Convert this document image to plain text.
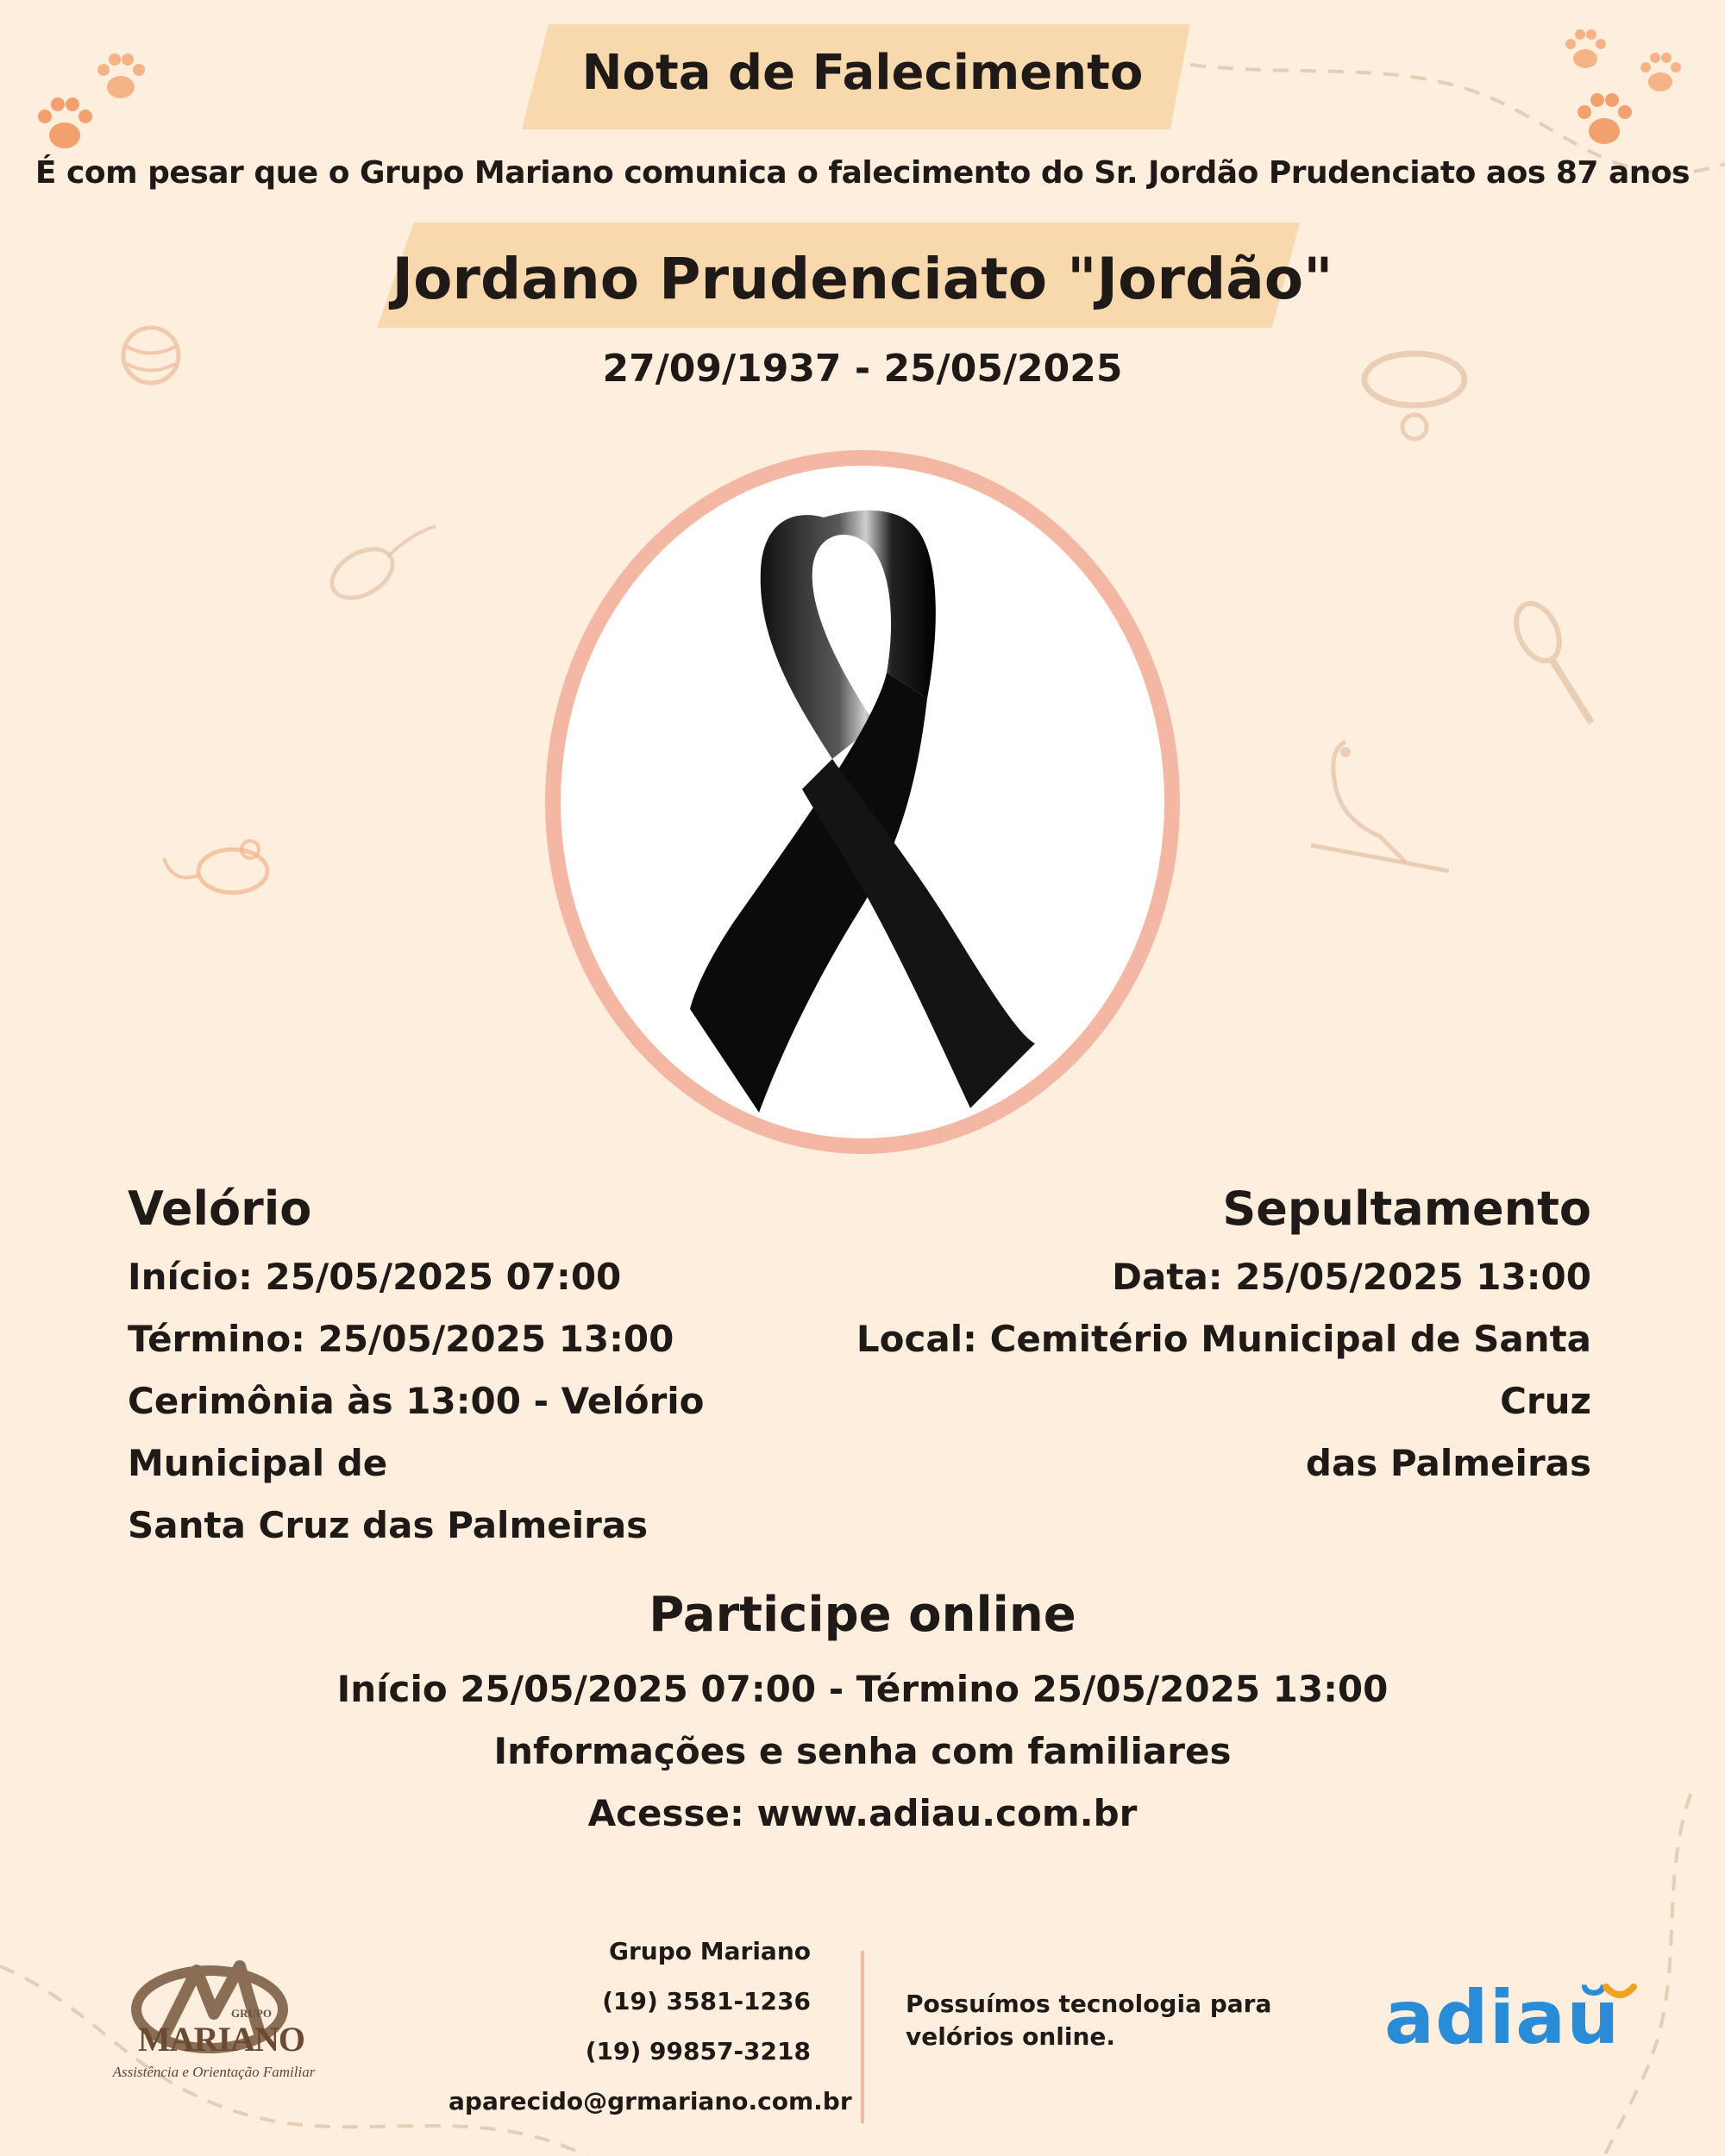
Nota de Falecimento
É com pesar que o Grupo Mariano comunica o falecimento do Sr. Jordão Prudenciato aos 87 anos
Jordano Prudenciato "Jordão"
27/09/1937 - 25/05/2025
Velório
Início: 25/05/2025 07:00
Término: 25/05/2025 13:00
Cerimônia às 13:00 - Velório Municipal de
Santa Cruz das Palmeiras
Sepultamento
Data: 25/05/2025 13:00
Local: Cemitério Municipal de Santa Cruz
das Palmeiras
Participe online
Início 25/05/2025 07:00 - Término 25/05/2025 13:00
Informações e senha com familiares
Acesse: www.adiau.com.br
GRUPO
MARIANO
Assistência e Orientação Familiar
Grupo Mariano
(19) 3581-1236
(19) 99857-3218
aparecido@grmariano.com.br
Possuímos tecnologia para velórios online.	adiaŭ
